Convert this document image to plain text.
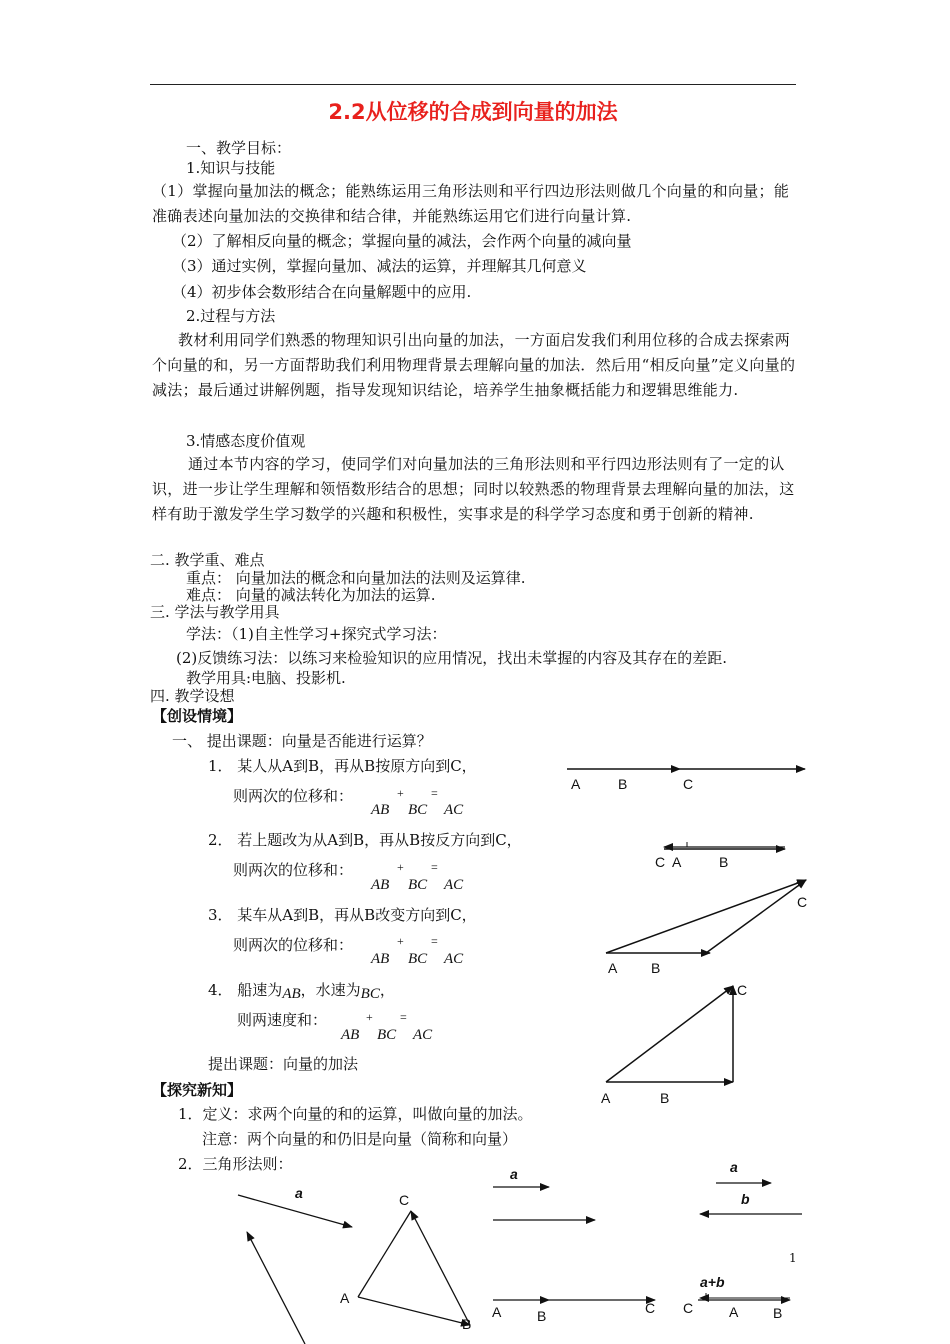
2.2从位移的合成到向量的加法
一、教学目标：
1.知识与技能
（1）掌握向量加法的概念；能熟练运用三角形法则和平行四边形法则做几个向量的和向量；能准确表述向量加法的交换律和结合律，并能熟练运用它们进行向量计算.
（2）了解相反向量的概念；掌握向量的减法，会作两个向量的减向量
（3）通过实例，掌握向量加、减法的运算，并理解其几何意义
（4）初步体会数形结合在向量解题中的应用.
2.过程与方法
教材利用同学们熟悉的物理知识引出向量的加法，一方面启发我们利用位移的合成去探索两个向量的和，另一方面帮助我们利用物理背景去理解向量的加法．然后用“相反向量”定义向量的减法；最后通过讲解例题，指导发现知识结论，培养学生抽象概括能力和逻辑思维能力.
3.情感态度价值观
通过本节内容的学习，使同学们对向量加法的三角形法则和平行四边形法则有了一定的认识，进一步让学生理解和领悟数形结合的思想；同时以较熟悉的物理背景去理解向量的加法，这样有助于激发学生学习数学的兴趣和积极性，实事求是的科学学习态度和勇于创新的精神.
二. 教学重、难点
重点： 向量加法的概念和向量加法的法则及运算律.
难点： 向量的减法转化为加法的运算.
三. 学法与教学用具
学法：（1)自主性学习+探究式学习法：
(2)反馈练习法：以练习来检验知识的应用情况，找出未掌握的内容及其存在的差距.
教学用具:电脑、投影机.
四. 教学设想
【创设情境】
一、 提出课题：向量是否能进行运算？
1． 某人从A到B，再从B按原方向到C，
则两次的位移和：
AB
+
BC
=
AC
2． 若上题改为从A到B，再从B按反方向到C，
则两次的位移和：
AB
+
BC
=
AC
3． 某车从A到B，再从B改变方向到C，
则两次的位移和：
AB
+
BC
=
AC
4． 船速为AB，水速为BC，
则两速度和：
AB
+
BC
=
AC
提出课题：向量的加法
【探究新知】
1．定义：求两个向量的和的运算，叫做向量的加法。
注意：两个向量的和仍旧是向量（简称和向量）
2．三角形法则：
A	B	C
C A	B
C
A B
C
A	B
a	C
A
B
a
A	B	C
a
b
a+b
C	A B
1
